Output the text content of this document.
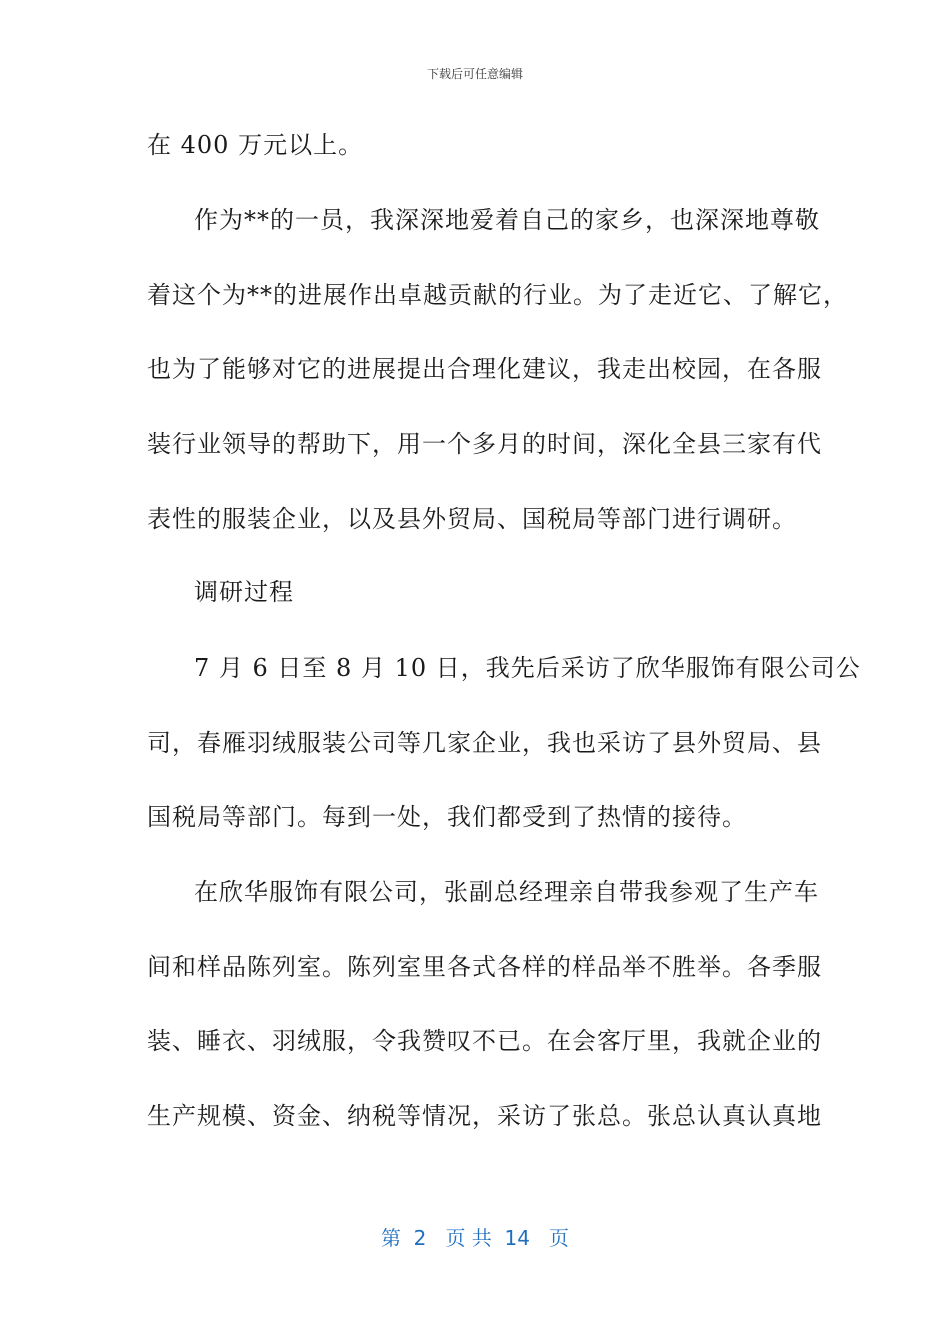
下载后可任意编辑
在 400 万元以上。
作为**的一员，我深深地爱着自己的家乡，也深深地尊敬
着这个为**的进展作出卓越贡献的行业。为了走近它、了解它，
也为了能够对它的进展提出合理化建议，我走出校园，在各服
装行业领导的帮助下，用一个多月的时间，深化全县三家有代
表性的服装企业，以及县外贸局、国税局等部门进行调研。
调研过程
7 月 6 日至 8 月 10 日，我先后采访了欣华服饰有限公司公
司，春雁羽绒服装公司等几家企业，我也采访了县外贸局、县
国税局等部门。每到一处，我们都受到了热情的接待。
在欣华服饰有限公司，张副总经理亲自带我参观了生产车
间和样品陈列室。陈列室里各式各样的样品举不胜举。各季服
装、睡衣、羽绒服，令我赞叹不已。在会客厅里，我就企业的
生产规模、资金、纳税等情况，采访了张总。张总认真认真地
第  2   页 共  14   页
